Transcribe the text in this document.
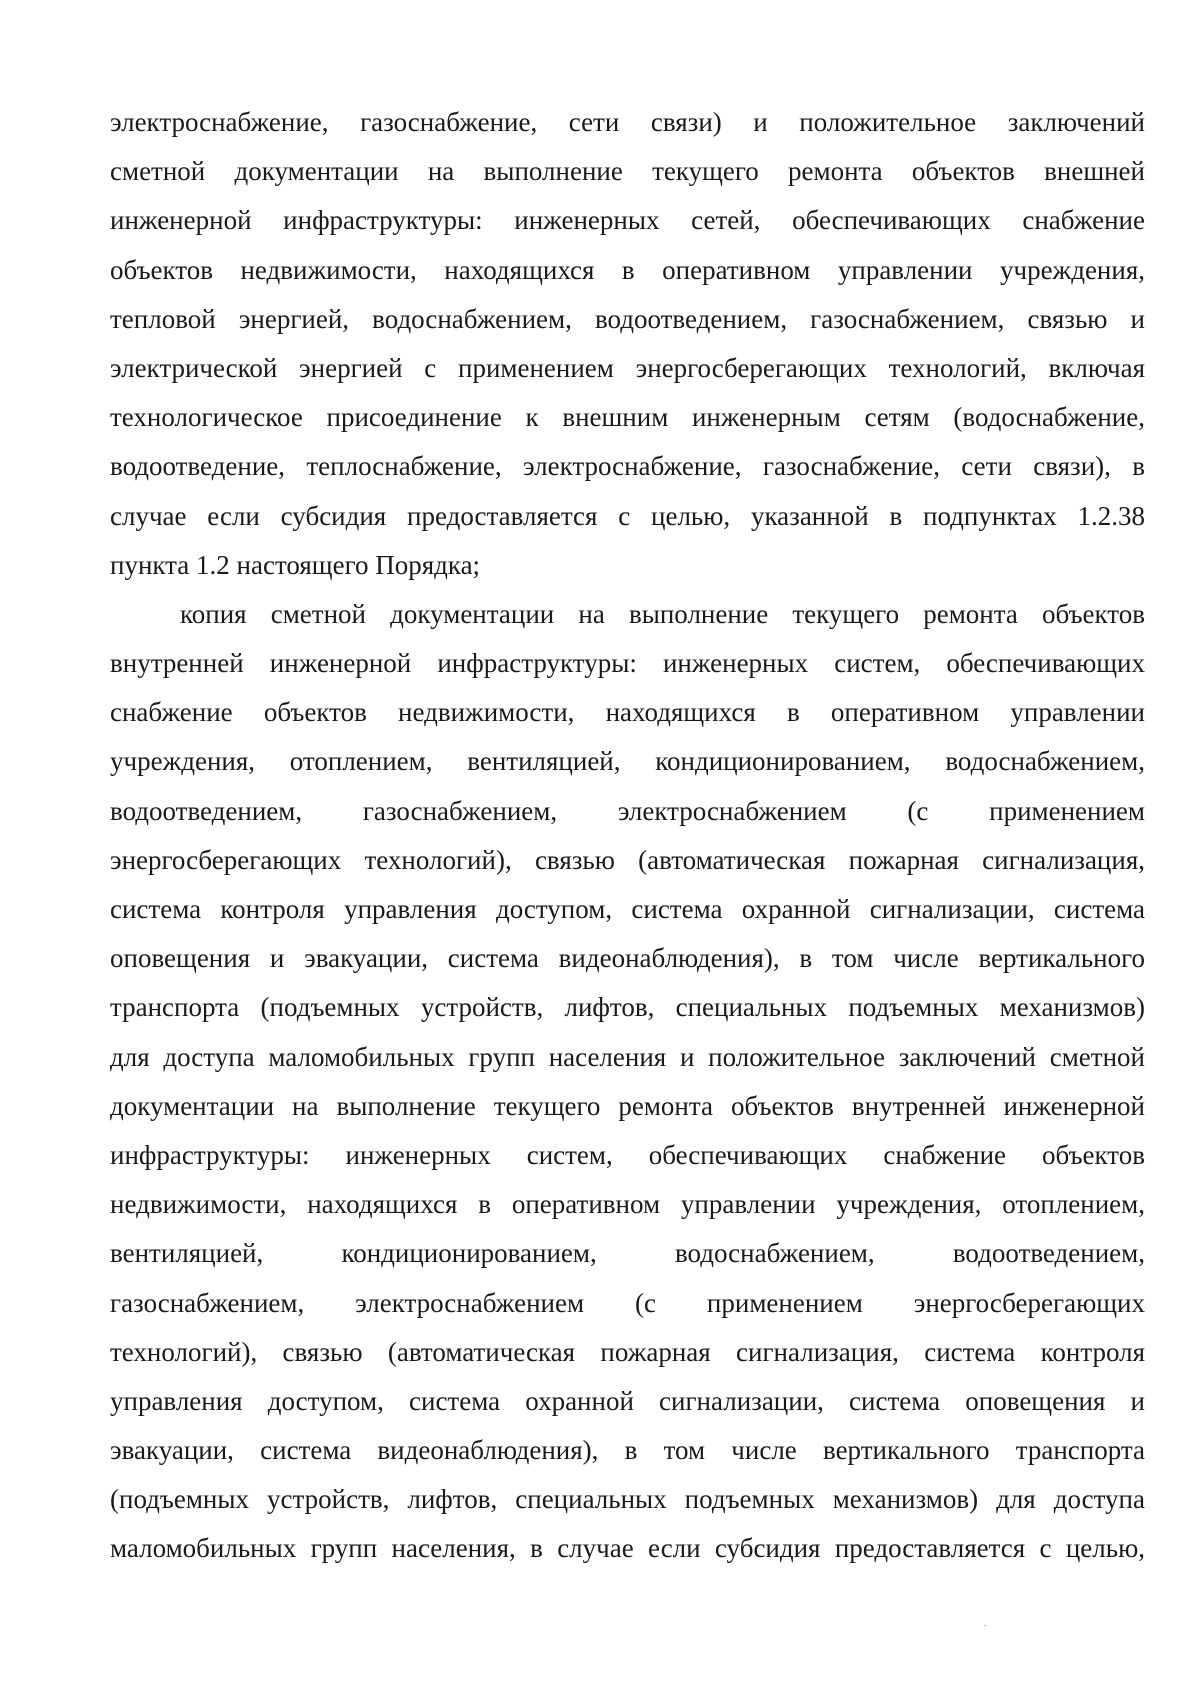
электроснабжение, газоснабжение, сети связи) и положительное заключений
сметной документации на выполнение текущего ремонта объектов внешней
инженерной инфраструктуры: инженерных сетей, обеспечивающих снабжение
объектов недвижимости, находящихся в оперативном управлении учреждения,
тепловой энергией, водоснабжением, водоотведением, газоснабжением, связью и
электрической энергией с применением энергосберегающих технологий, включая
технологическое присоединение к внешним инженерным сетям (водоснабжение,
водоотведение, теплоснабжение, электроснабжение, газоснабжение, сети связи), в
случае если субсидия предоставляется с целью, указанной в подпунктах 1.2.38
пункта 1.2 настоящего Порядка;
копия сметной документации на выполнение текущего ремонта объектов
внутренней инженерной инфраструктуры: инженерных систем, обеспечивающих
снабжение объектов недвижимости, находящихся в оперативном управлении
учреждения, отоплением, вентиляцией, кондиционированием, водоснабжением,
водоотведением, газоснабжением, электроснабжением (с применением
энергосберегающих технологий), связью (автоматическая пожарная сигнализация,
система контроля управления доступом, система охранной сигнализации, система
оповещения и эвакуации, система видеонаблюдения), в том числе вертикального
транспорта (подъемных устройств, лифтов, специальных подъемных механизмов)
для доступа маломобильных групп населения и положительное заключений сметной
документации на выполнение текущего ремонта объектов внутренней инженерной
инфраструктуры: инженерных систем, обеспечивающих снабжение объектов
недвижимости, находящихся в оперативном управлении учреждения, отоплением,
вентиляцией, кондиционированием, водоснабжением, водоотведением,
газоснабжением, электроснабжением (с применением энергосберегающих
технологий), связью (автоматическая пожарная сигнализация, система контроля
управления доступом, система охранной сигнализации, система оповещения и
эвакуации, система видеонаблюдения), в том числе вертикального транспорта
(подъемных устройств, лифтов, специальных подъемных механизмов) для доступа
маломобильных групп населения, в случае если субсидия предоставляется с целью,
